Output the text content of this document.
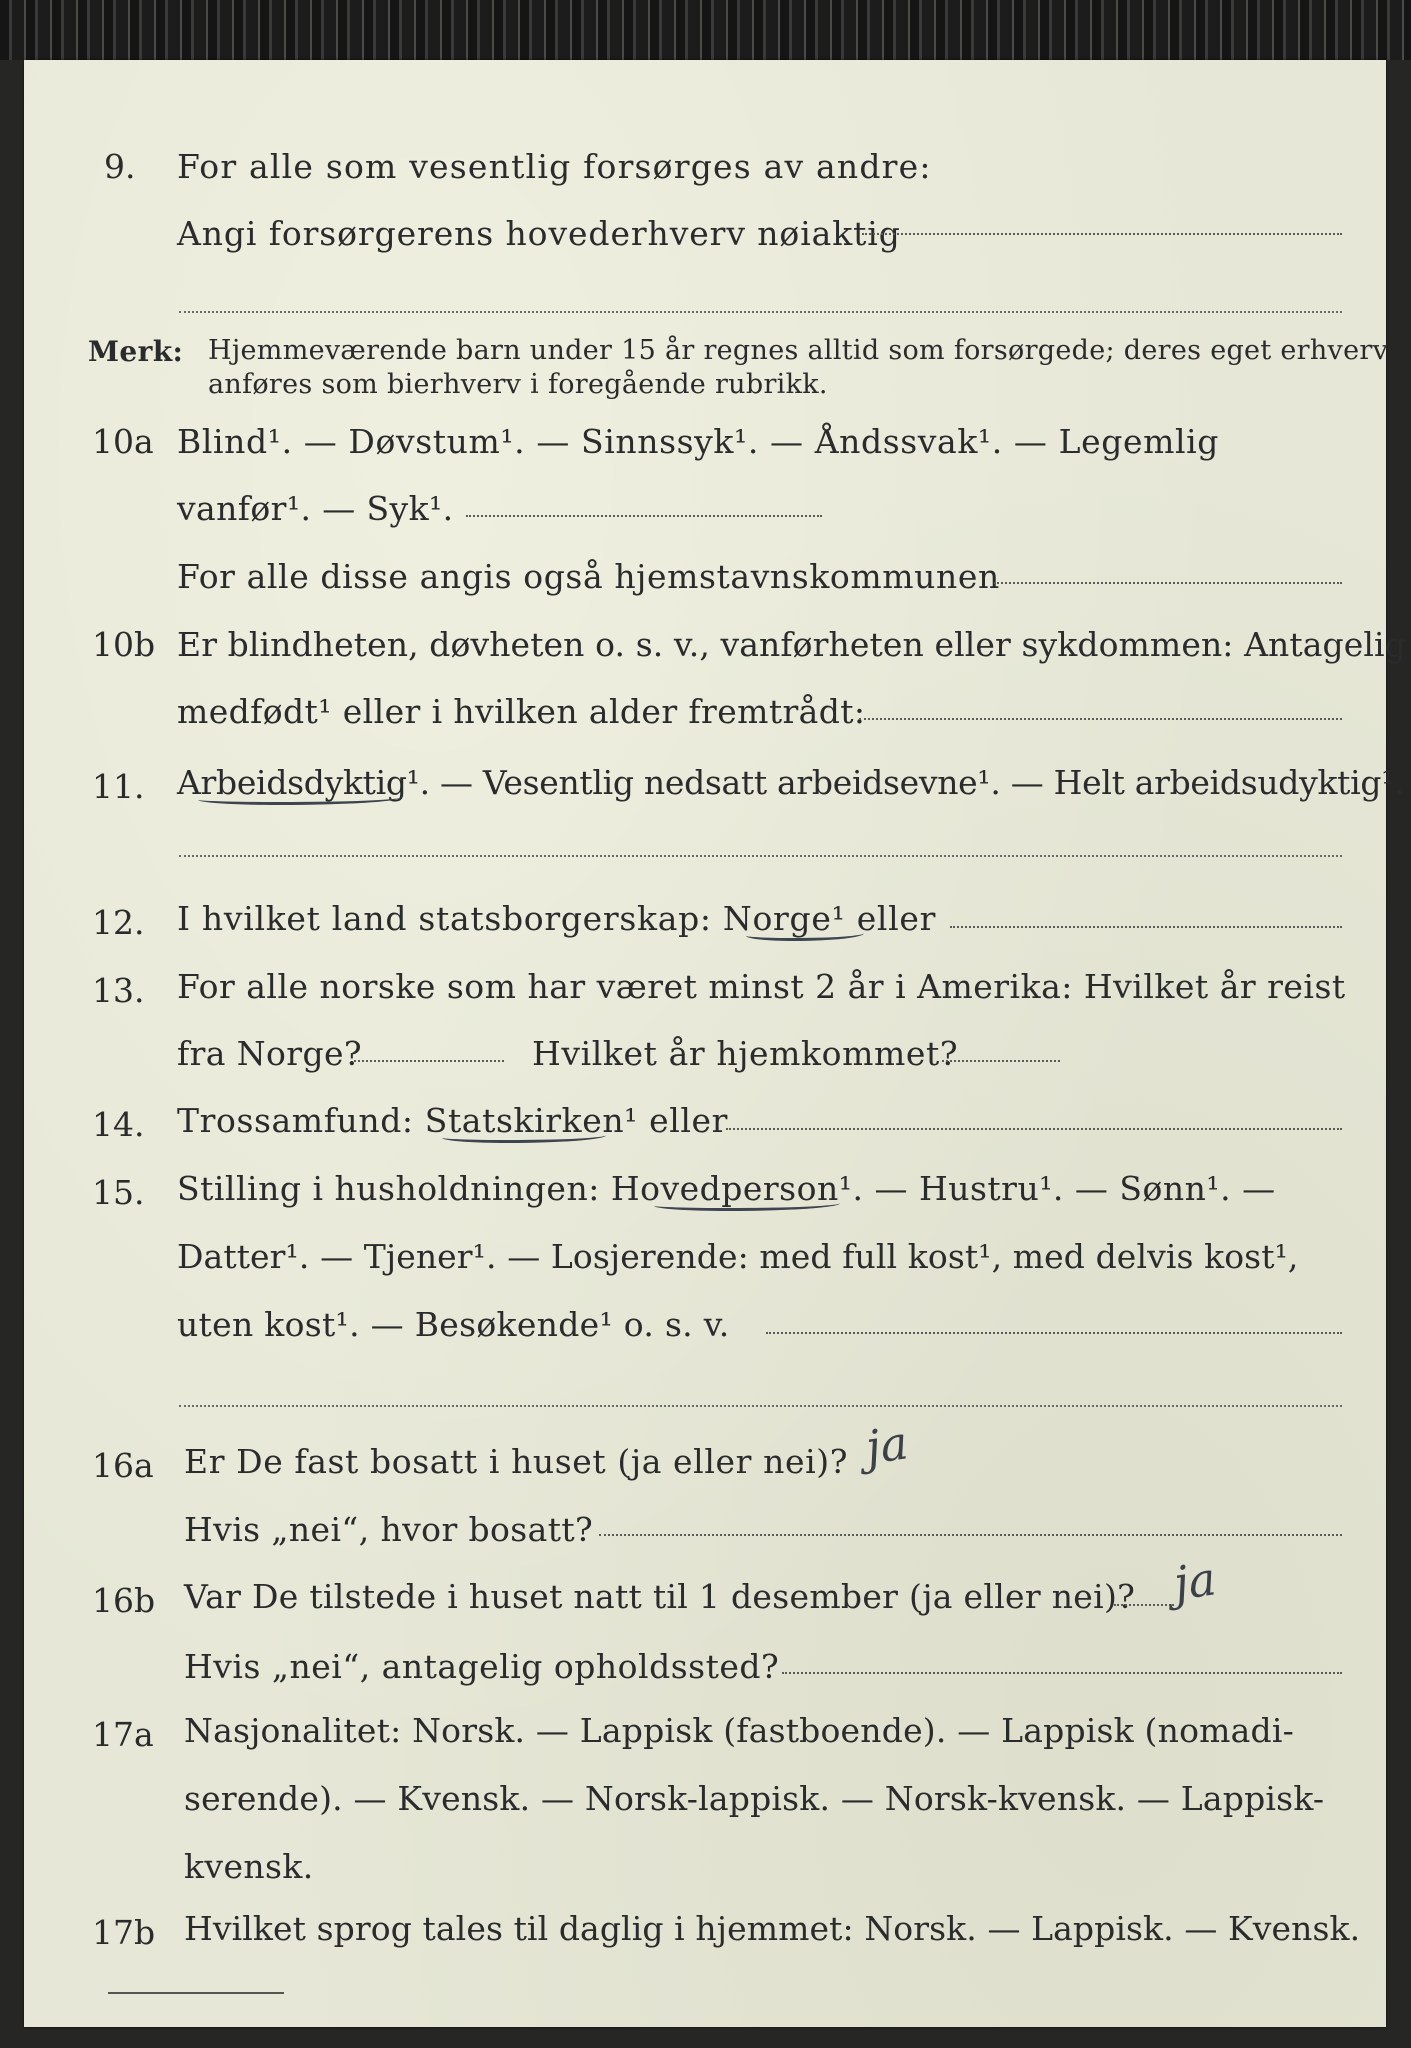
9. For alle som vesentlig forsørges av andre:
Angi forsørgerens hovederhverv nøiaktig
Merk: Hjemmeværende barn under 15 år regnes alltid som forsørgede; deres eget erhverv
anføres som bierhverv i foregående rubrikk.
10a Blind¹. — Døvstum¹. — Sinnssyk¹. — Åndssvak¹. — Legemlig
vanfør¹. — Syk¹.
For alle disse angis også hjemstavnskommunen
10b Er blindheten, døvheten o. s. v., vanførheten eller sykdommen: Antagelig
medfødt¹ eller i hvilken alder fremtrådt:
11. Arbeidsdyktig¹. — Vesentlig nedsatt arbeidsevne¹. — Helt arbeidsudyktig¹.
12. I hvilket land statsborgerskap: Norge¹ eller
13. For alle norske som har været minst 2 år i Amerika: Hvilket år reist
fra Norge?	Hvilket år hjemkommet?
14. Trossamfund: Statskirken¹ eller
15. Stilling i husholdningen: Hovedperson¹. — Hustru¹. — Sønn¹. —
Datter¹. — Tjener¹. — Losjerende: med full kost¹, med delvis kost¹,
uten kost¹. — Besøkende¹ o. s. v.
16a Er De fast bosatt i huset (ja eller nei)? ja
Hvis „nei“, hvor bosatt?
16b Var De tilstede i huset natt til 1 desember (ja eller nei)? ja
Hvis „nei“, antagelig opholdssted?
17a Nasjonalitet: Norsk. — Lappisk (fastboende). — Lappisk (nomadi-
serende). — Kvensk. — Norsk-lappisk. — Norsk-kvensk. — Lappisk-
kvensk.
17b Hvilket sprog tales til daglig i hjemmet: Norsk. — Lappisk. — Kvensk.
